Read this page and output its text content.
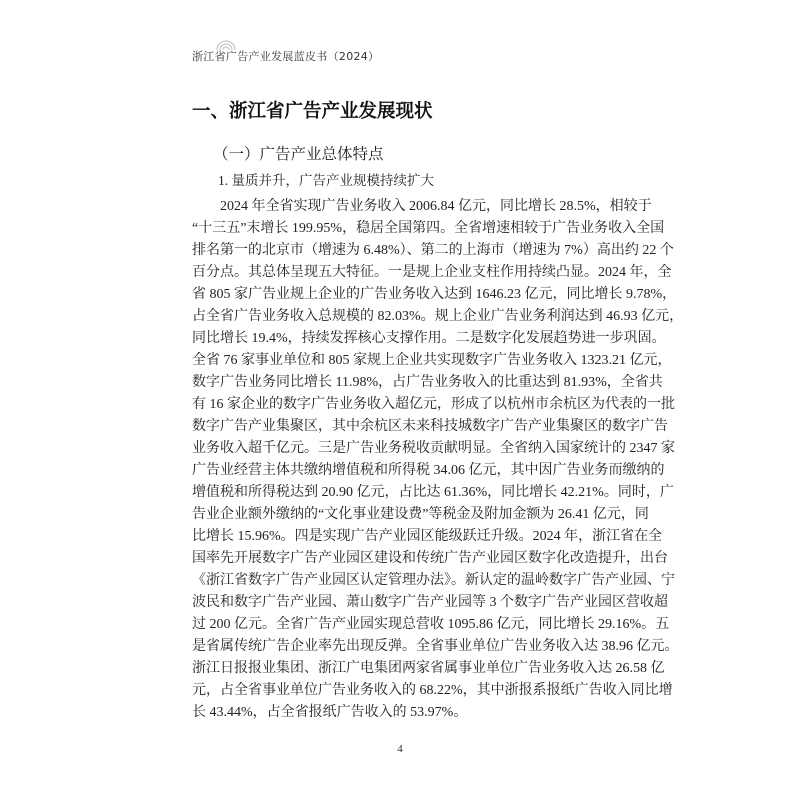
浙江省广告产业发展蓝皮书（2024）
一、浙江省广告产业发展现状
（一）广告产业总体特点
1. 量质并升，广告产业规模持续扩大
2024 年全省实现广告业务收入 2006.84 亿元，同比增长 28.5%，相较于
“十三五”末增长 199.95%，稳居全国第四。全省增速相较于广告业务收入全国
排名第一的北京市（增速为 6.48%）、第二的上海市（增速为 7%）高出约 22 个
百分点。其总体呈现五大特征。一是规上企业支柱作用持续凸显。2024 年，全
省 805 家广告业规上企业的广告业务收入达到 1646.23 亿元，同比增长 9.78%，
占全省广告业务收入总规模的 82.03%。规上企业广告业务利润达到 46.93 亿元，
同比增长 19.4%，持续发挥核心支撑作用。二是数字化发展趋势进一步巩固。
全省 76 家事业单位和 805 家规上企业共实现数字广告业务收入 1323.21 亿元，
数字广告业务同比增长 11.98%，占广告业务收入的比重达到 81.93%，全省共
有 16 家企业的数字广告业务收入超亿元，形成了以杭州市余杭区为代表的一批
数字广告产业集聚区，其中余杭区未来科技城数字广告产业集聚区的数字广告
业务收入超千亿元。三是广告业务税收贡献明显。全省纳入国家统计的 2347 家
广告业经营主体共缴纳增值税和所得税 34.06 亿元，其中因广告业务而缴纳的
增值税和所得税达到 20.90 亿元，占比达 61.36%，同比增长 42.21%。同时，广
告业企业额外缴纳的“文化事业建设费”等税金及附加金额为 26.41 亿元，同
比增长 15.96%。四是实现广告产业园区能级跃迁升级。2024 年，浙江省在全
国率先开展数字广告产业园区建设和传统广告产业园区数字化改造提升，出台
《浙江省数字广告产业园区认定管理办法》。新认定的温岭数字广告产业园、宁
波民和数字广告产业园、萧山数字广告产业园等 3 个数字广告产业园区营收超
过 200 亿元。全省广告产业园实现总营收 1095.86 亿元，同比增长 29.16%。五
是省属传统广告企业率先出现反弹。全省事业单位广告业务收入达 38.96 亿元。
浙江日报报业集团、浙江广电集团两家省属事业单位广告业务收入达 26.58 亿
元，占全省事业单位广告业务收入的 68.22%，其中浙报系报纸广告收入同比增
长 43.44%，占全省报纸广告收入的 53.97%。
4
